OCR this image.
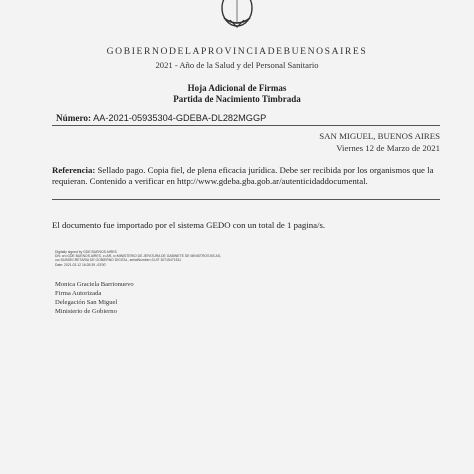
GOBIERNODELAPROVINCIADEBUENOSAIRES
2021 - Año de la Salud y del Personal Sanitario
Hoja Adicional de Firmas
Partida de Nacimiento Timbrada
Número: AA-2021-05935304-GDEBA-DL282MGGP
SAN MIGUEL, BUENOS AIRES
Viernes 12 de Marzo de 2021
Referencia: Sellado pago. Copia fiel, de plena eficacia jurídica. Debe ser recibida por los organismos que la
requieran. Contenido a verificar en http://www.gdeba.gba.gob.ar/autenticidaddocumental.
El documento fue importado por el sistema GEDO con un total de 1 pagina/s.
Digitally signed by GDE BUENOS AIRES
DN: cn=GDE BUENOS AIRES, c=AR, o=MINISTERIO DE JEFATURA DE GABINETE DE MINISTROS BS AS,
ou=SUBSECRETARIA DE GOBIERNO DIGITAL, serialNumber=CUIT 30715471511
Date: 2021.03.12 16:28:39 -03'00'
Monica Graciela Barrionuevo
Firma Autorizada
Delegación San Miguel
Ministerio de Gobierno
